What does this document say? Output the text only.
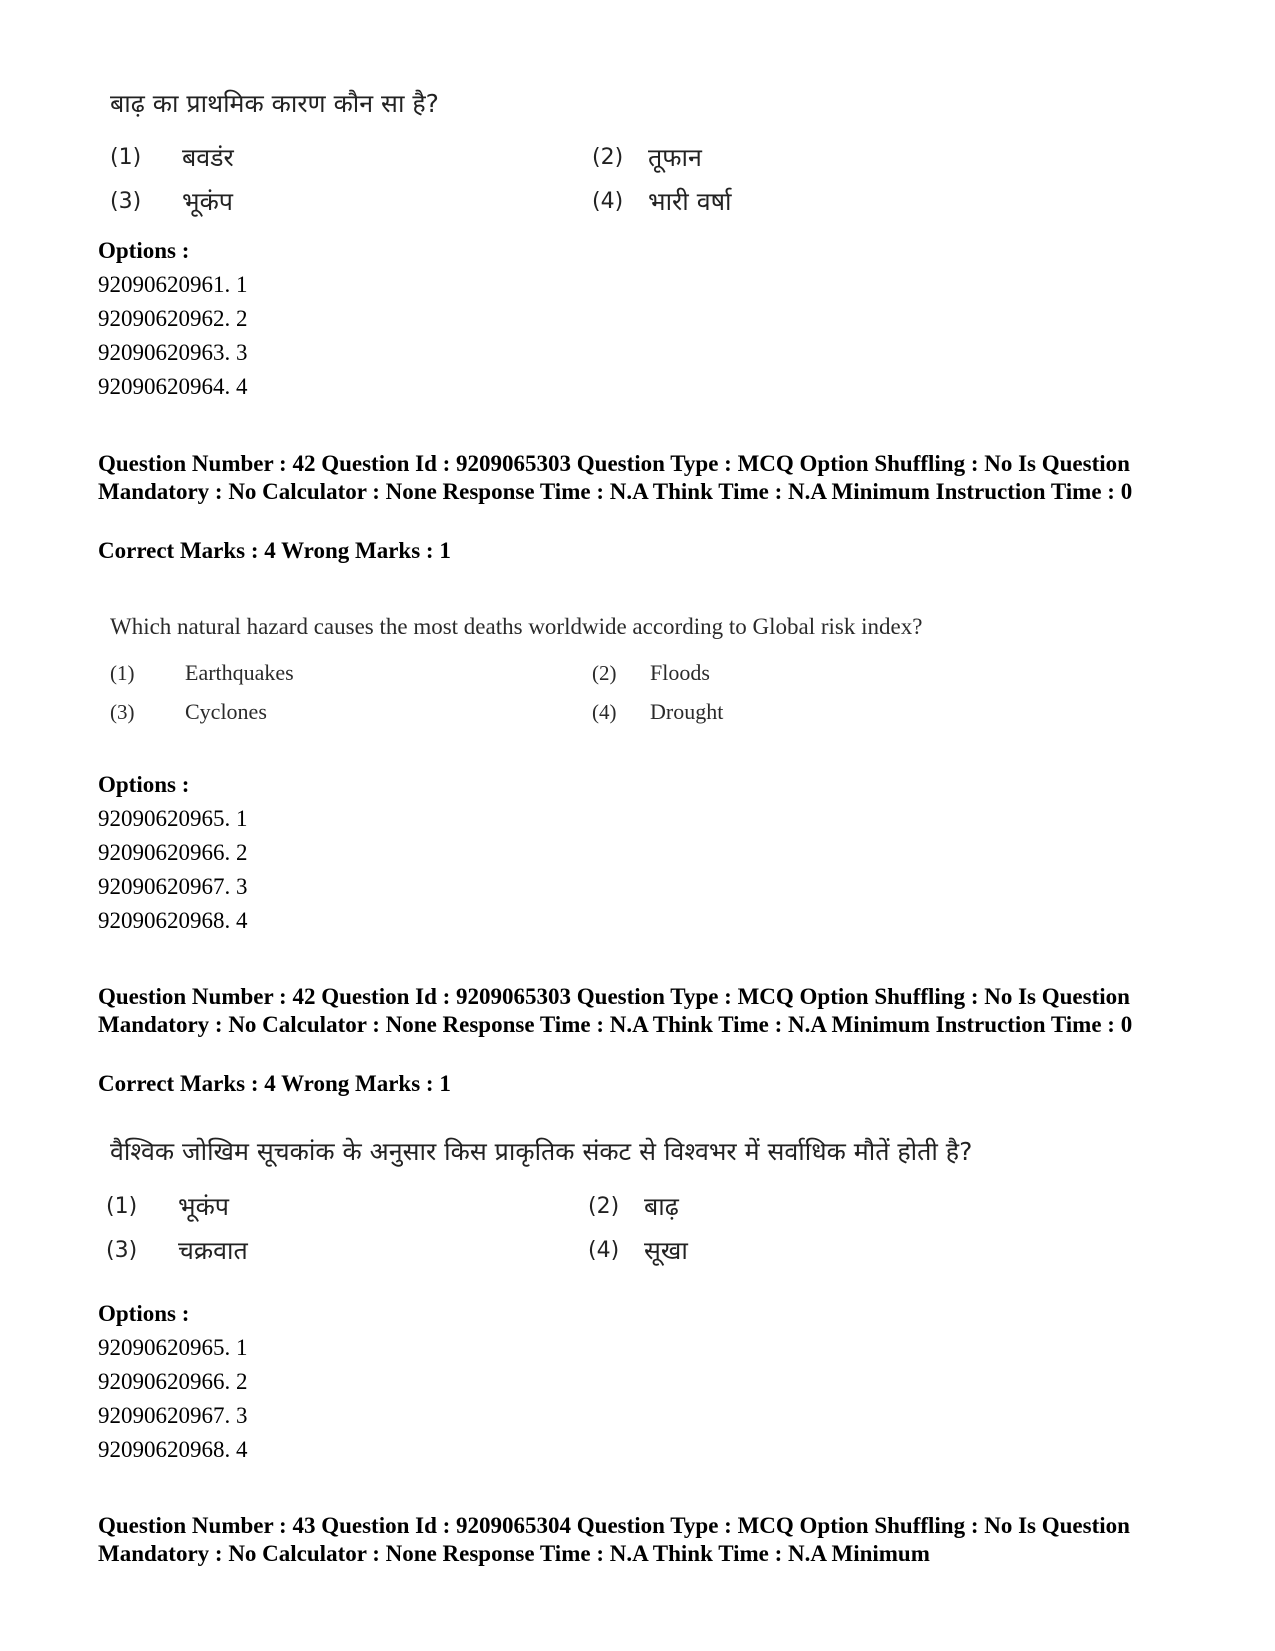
बाढ़ का प्राथमिक कारण कौन सा है?
(1) बवडंर	(2) तूफान
(3) भूकंप	(4) भारी वर्षा
Options :
92090620961. 1
92090620962. 2
92090620963. 3
92090620964. 4
Question Number : 42 Question Id : 9209065303 Question Type : MCQ Option Shuffling : No Is Question Mandatory : No Calculator : None Response Time : N.A Think Time : N.A Minimum Instruction Time : 0
Correct Marks : 4 Wrong Marks : 1
Which natural hazard causes the most deaths worldwide according to Global risk index?
(1) Earthquakes	(2) Floods
(3) Cyclones	(4) Drought
Options :
92090620965. 1
92090620966. 2
92090620967. 3
92090620968. 4
Question Number : 42 Question Id : 9209065303 Question Type : MCQ Option Shuffling : No Is Question Mandatory : No Calculator : None Response Time : N.A Think Time : N.A Minimum Instruction Time : 0
Correct Marks : 4 Wrong Marks : 1
वैश्विक जोखिम सूचकांक के अनुसार किस प्राकृतिक संकट से विश्वभर में सर्वाधिक मौतें होती है?
(1) भूकंप	(2) बाढ़
(3) चक्रवात	(4) सूखा
Options :
92090620965. 1
92090620966. 2
92090620967. 3
92090620968. 4
Question Number : 43 Question Id : 9209065304 Question Type : MCQ Option Shuffling : No Is Question Mandatory : No Calculator : None Response Time : N.A Think Time : N.A Minimum
